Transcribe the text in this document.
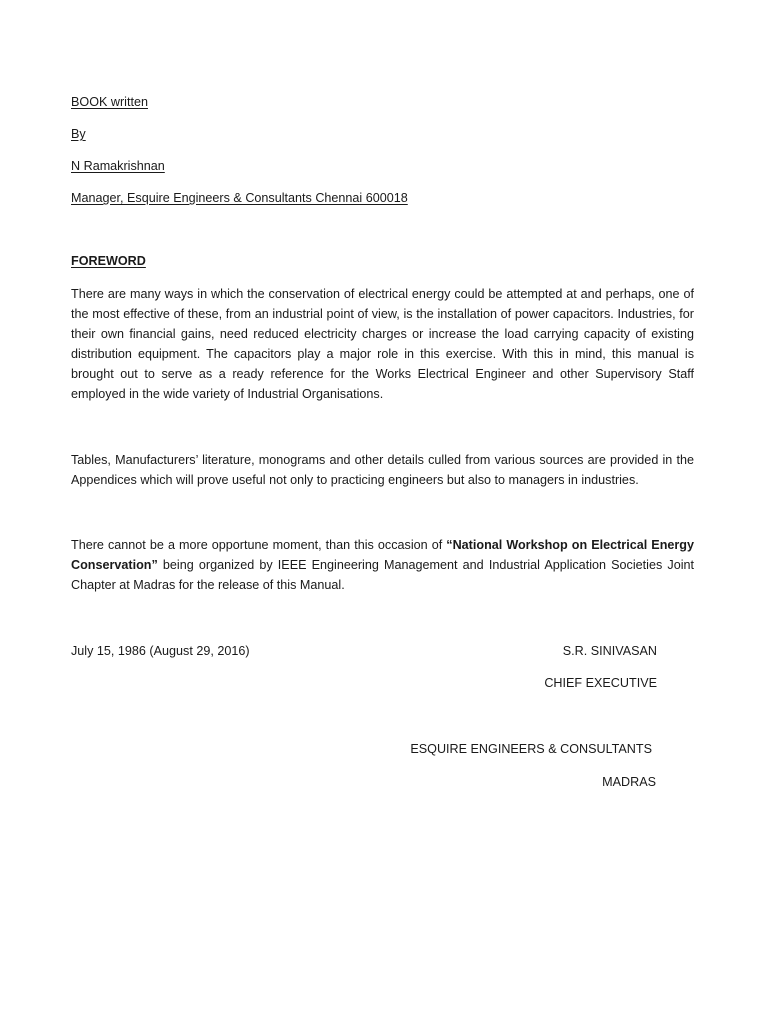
BOOK written
By
N Ramakrishnan
Manager, Esquire Engineers & Consultants Chennai 600018
FOREWORD
There are many ways in which the conservation of electrical energy could be attempted at and perhaps, one of the most effective of these, from an industrial point of view, is the installation of power capacitors. Industries, for their own financial gains, need reduced electricity charges or increase the load carrying capacity of existing distribution equipment. The capacitors play a major role in this exercise. With this in mind, this manual is brought out to serve as a ready reference for the Works Electrical Engineer and other Supervisory Staff employed in the wide variety of Industrial Organisations.
Tables, Manufacturers’ literature, monograms and other details culled from various sources are provided in the Appendices which will prove useful not only to practicing engineers but also to managers in industries.
There cannot be a more opportune moment, than this occasion of “National Workshop on Electrical Energy Conservation” being organized by IEEE Engineering Management and Industrial Application Societies Joint Chapter at Madras for the release of this Manual.
July 15, 1986 (August 29, 2016)	S.R. SINIVASAN
CHIEF EXECUTIVE
ESQUIRE ENGINEERS & CONSULTANTS
MADRAS
